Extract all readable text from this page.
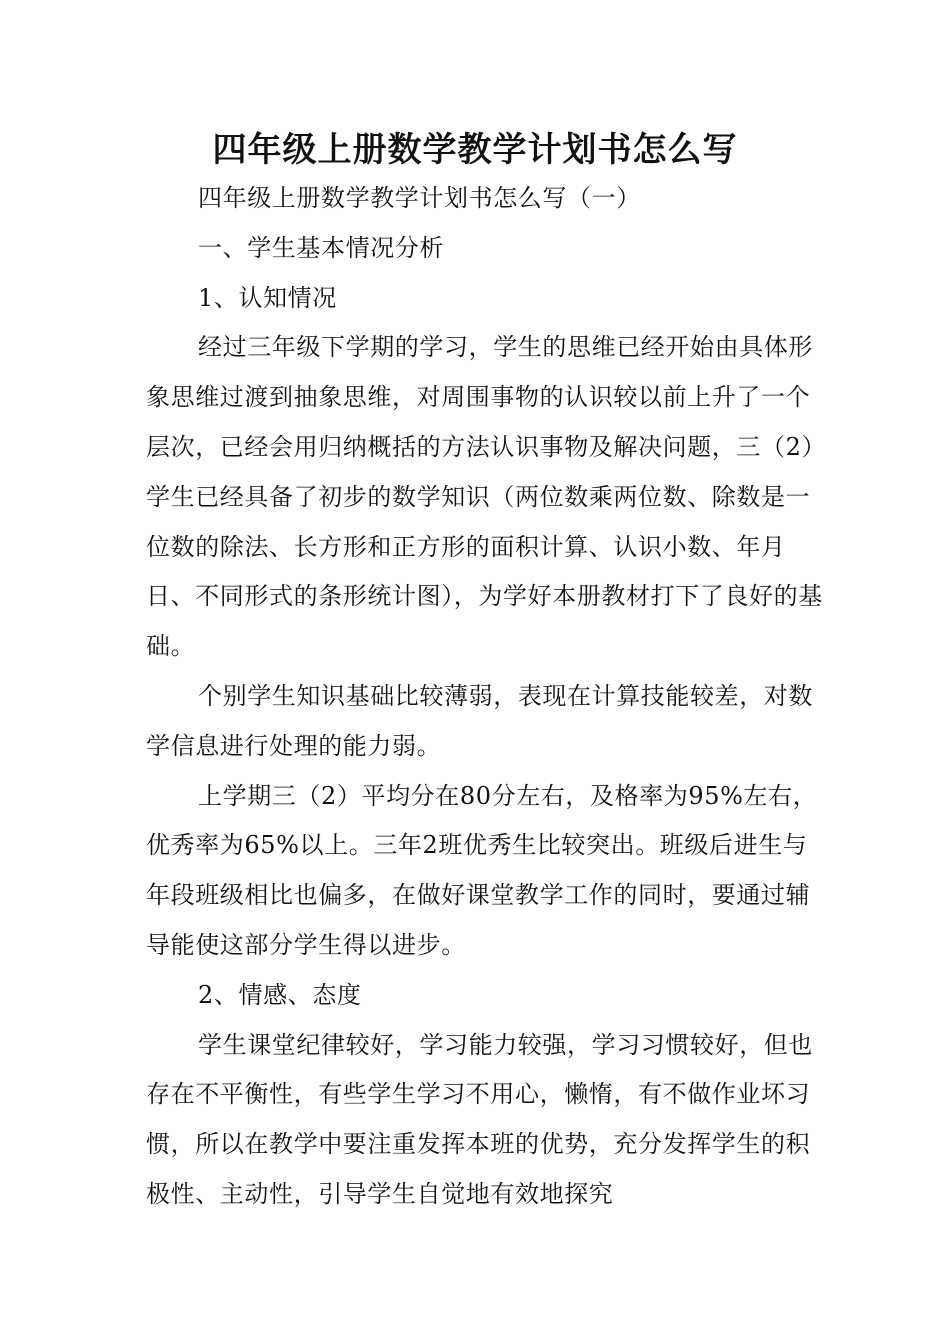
四年级上册数学教学计划书怎么写

四年级上册数学教学计划书怎么写（一）

一、学生基本情况分析

1、认知情况

经过三年级下学期的学习，学生的思维已经开始由具体形象思维过渡到抽象思维，对周围事物的认识较以前上升了一个层次，已经会用归纳概括的方法认识事物及解决问题，三（2）学生已经具备了初步的数学知识（两位数乘两位数、除数是一位数的除法、长方形和正方形的面积计算、认识小数、年月日、不同形式的条形统计图），为学好本册教材打下了良好的基础。

个别学生知识基础比较薄弱，表现在计算技能较差，对数学信息进行处理的能力弱。

上学期三（2）平均分在80分左右，及格率为95%左右，优秀率为65%以上。三年2班优秀生比较突出。班级后进生与年段班级相比也偏多，在做好课堂教学工作的同时，要通过辅导能使这部分学生得以进步。

2、情感、态度

学生课堂纪律较好，学习能力较强，学习习惯较好，但也存在不平衡性，有些学生学习不用心，懒惰，有不做作业坏习惯，所以在教学中要注重发挥本班的优势，充分发挥学生的积极性、主动性，引导学生自觉地有效地探究
